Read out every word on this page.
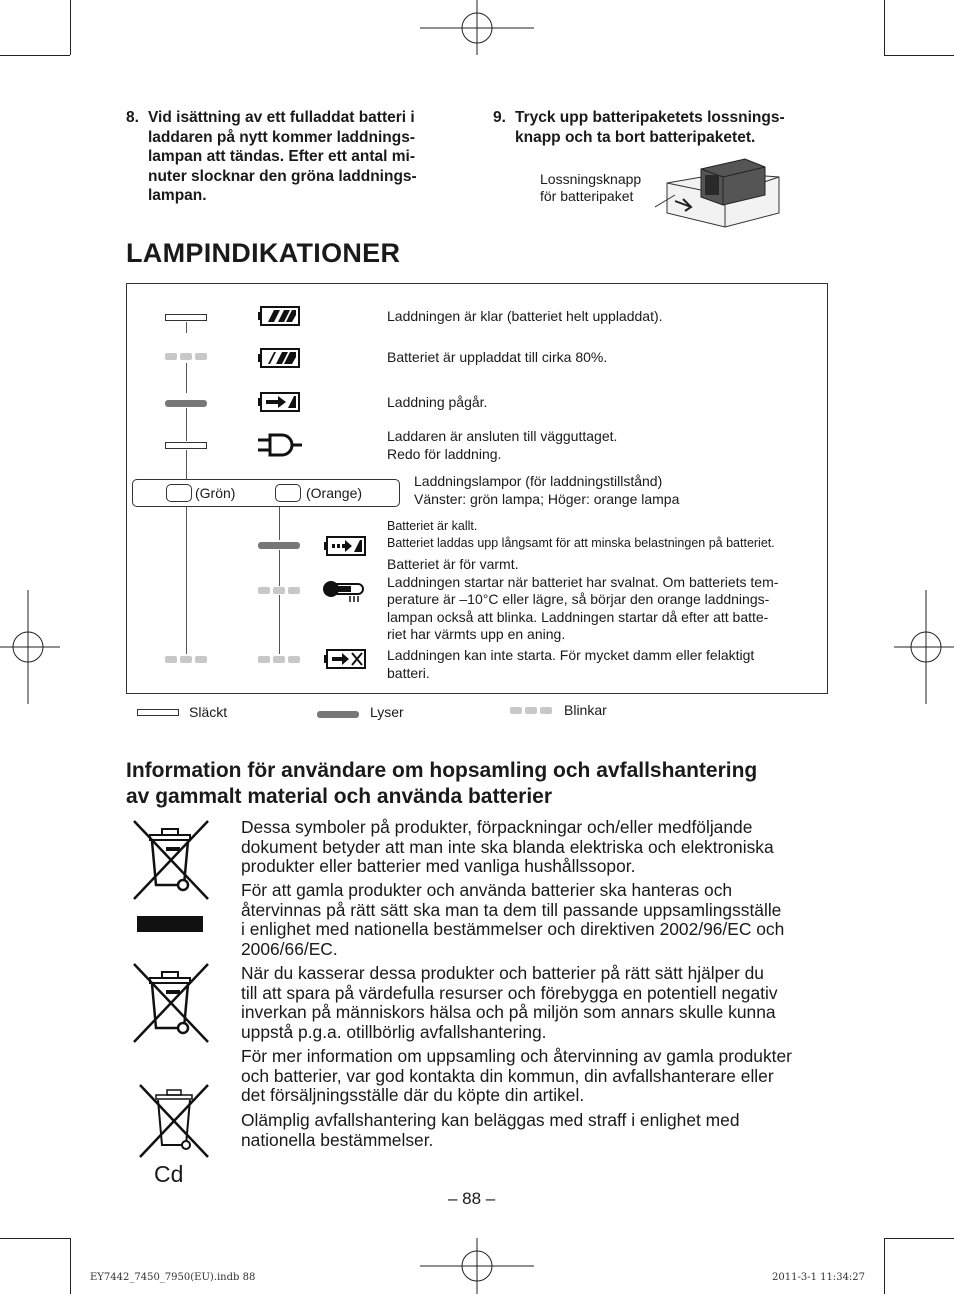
8. Vid isättning av ett fulladdat batteri i
laddaren på nytt kommer laddnings-
lampan att tändas. Efter ett antal mi-
nuter slocknar den gröna laddnings-
lampan.
9. Tryck upp batteripaketets lossnings-
knapp och ta bort batteripaketet.
Lossningsknapp
för batteripaket
LAMPINDIKATIONER
Laddningen är klar (batteriet helt uppladdat).
Batteriet är uppladdat till cirka 80%.
Laddning pågår.
Laddaren är ansluten till vägguttaget.
Redo för laddning.
(Grön)	(Orange)
Laddningslampor (för laddningstillstånd)
Vänster: grön lampa; Höger: orange lampa
Batteriet är kallt.
Batteriet laddas upp långsamt för att minska belastningen på batteriet.
Batteriet är för varmt.
Laddningen startar när batteriet har svalnat. Om batteriets tem-
perature är –10°C eller lägre, så börjar den orange laddnings-
lampan också att blinka. Laddningen startar då efter att batte-
riet har värmts upp en aning.
Laddningen kan inte starta. För mycket damm eller felaktigt
batteri.
Släckt	Lyser	Blinkar
Information för användare om hopsamling och avfallshantering
av gammalt material och använda batterier
Cd
Dessa symboler på produkter, förpackningar och/eller medföljande
dokument betyder att man inte ska blanda elektriska och elektroniska
produkter eller batterier med vanliga hushållssopor.
För att gamla produkter och använda batterier ska hanteras och
återvinnas på rätt sätt ska man ta dem till passande uppsamlingsställe
i enlighet med nationella bestämmelser och direktiven 2002/96/EC och
2006/66/EC.
När du kasserar dessa produkter och batterier på rätt sätt hjälper du
till att spara på värdefulla resurser och förebygga en potentiell negativ
inverkan på människors hälsa och på miljön som annars skulle kunna
uppstå p.g.a. otillbörlig avfallshantering.
För mer information om uppsamling och återvinning av gamla produkter
och batterier, var god kontakta din kommun, din avfallshanterare eller
det försäljningsställe där du köpte din artikel.
Olämplig avfallshantering kan beläggas med straff i enlighet med
nationella bestämmelser.
– 88 –
EY7442_7450_7950(EU).indb 88	2011-3-1 11:34:27
